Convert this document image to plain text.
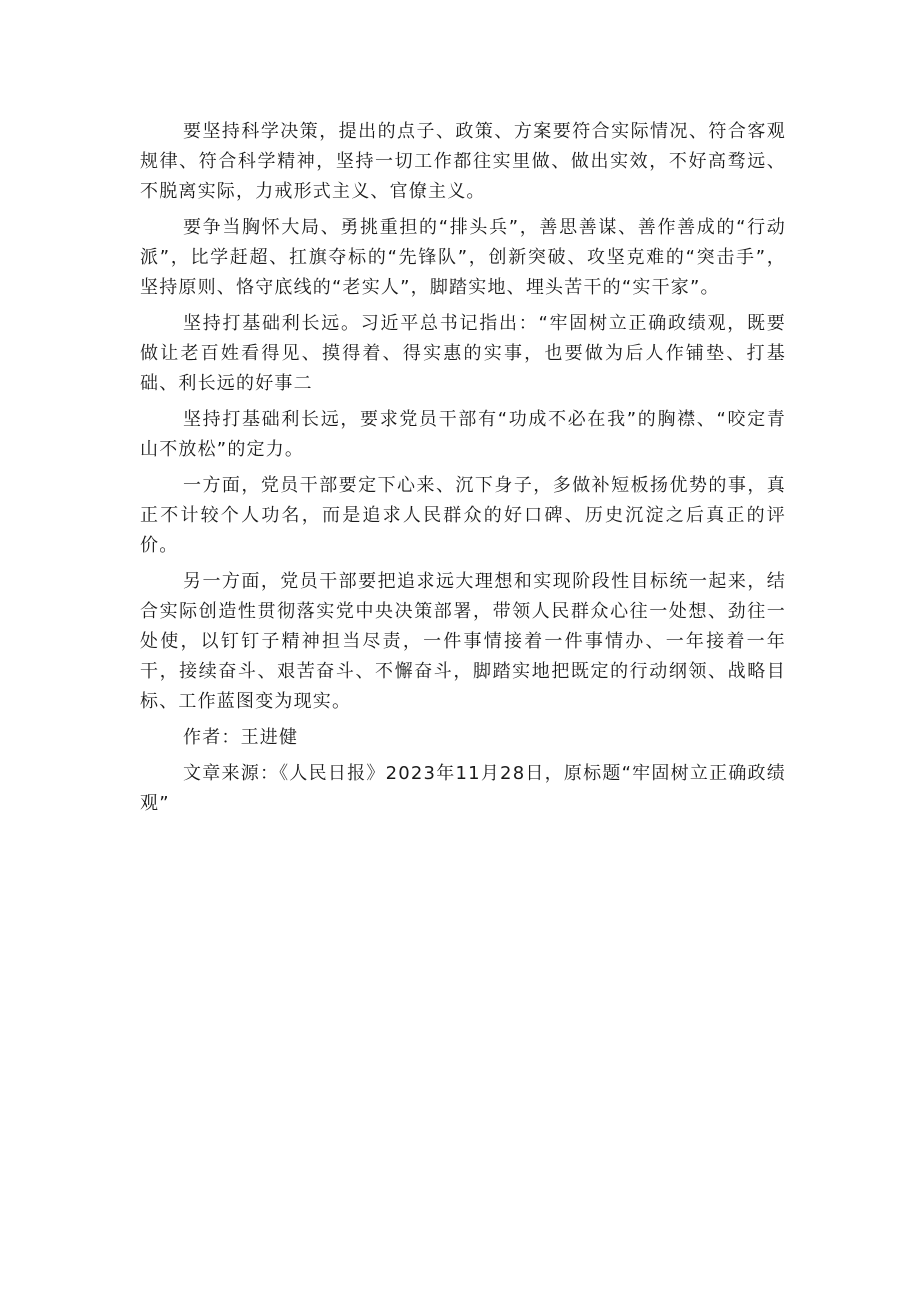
要坚持科学决策，提出的点子、政策、方案要符合实际情况、符合客观规律、符合科学精神，坚持一切工作都往实里做、做出实效，不好高骛远、不脱离实际，力戒形式主义、官僚主义。

要争当胸怀大局、勇挑重担的“排头兵”，善思善谋、善作善成的“行动派”，比学赶超、扛旗夺标的“先锋队”，创新突破、攻坚克难的“突击手”，坚持原则、恪守底线的“老实人”，脚踏实地、埋头苦干的“实干家”。

坚持打基础利长远。习近平总书记指出：“牢固树立正确政绩观，既要做让老百姓看得见、摸得着、得实惠的实事，也要做为后人作铺垫、打基础、利长远的好事二

坚持打基础利长远，要求党员干部有“功成不必在我”的胸襟、“咬定青山不放松”的定力。

一方面，党员干部要定下心来、沉下身子，多做补短板扬优势的事，真正不计较个人功名，而是追求人民群众的好口碑、历史沉淀之后真正的评价。

另一方面，党员干部要把追求远大理想和实现阶段性目标统一起来，结合实际创造性贯彻落实党中央决策部署，带领人民群众心往一处想、劲往一处使，以钉钉子精神担当尽责，一件事情接着一件事情办、一年接着一年干，接续奋斗、艰苦奋斗、不懈奋斗，脚踏实地把既定的行动纲领、战略目标、工作蓝图变为现实。

作者：王进健

文章来源：《人民日报》2023年11月28日，原标题“牢固树立正确政绩观”
